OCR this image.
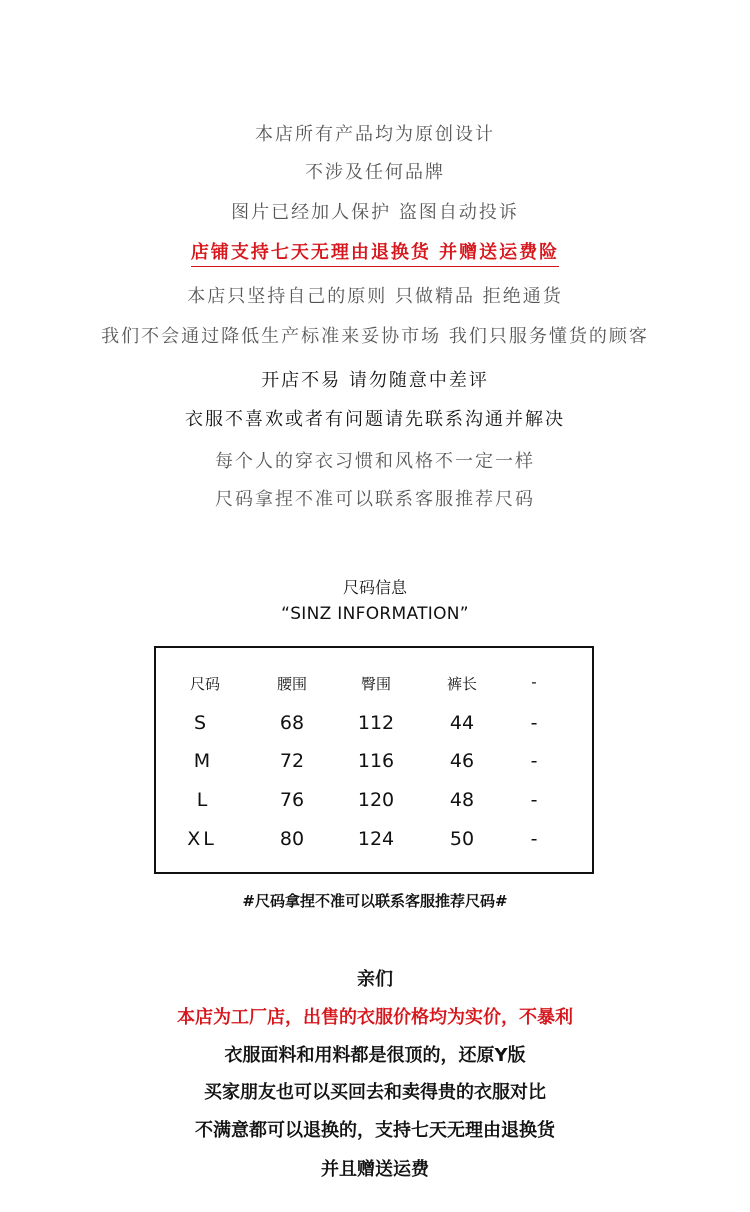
本店所有产品均为原创设计
不涉及任何品牌
图片已经加人保护 盗图自动投诉
店铺支持七天无理由退换货 并赠送运费险
本店只坚持自己的原则 只做精品 拒绝通货
我们不会通过降低生产标准来妥协市场 我们只服务懂货的顾客
开店不易 请勿随意中差评
衣服不喜欢或者有问题请先联系沟通并解决
每个人的穿衣习惯和风格不一定一样
尺码拿捏不准可以联系客服推荐尺码
尺码信息
“SINZ INFORMATION”
尺码	腰围	臀围	裤长	-
S	68	112	44	-
M	72	116	46	-
L	76	120	48	-
XL	80	124	50	-
#尺码拿捏不准可以联系客服推荐尺码#
亲们
本店为工厂店，出售的衣服价格均为实价，不暴利
衣服面料和用料都是很顶的，还原Y版
买家朋友也可以买回去和卖得贵的衣服对比
不满意都可以退换的，支持七天无理由退换货
并且赠送运费
